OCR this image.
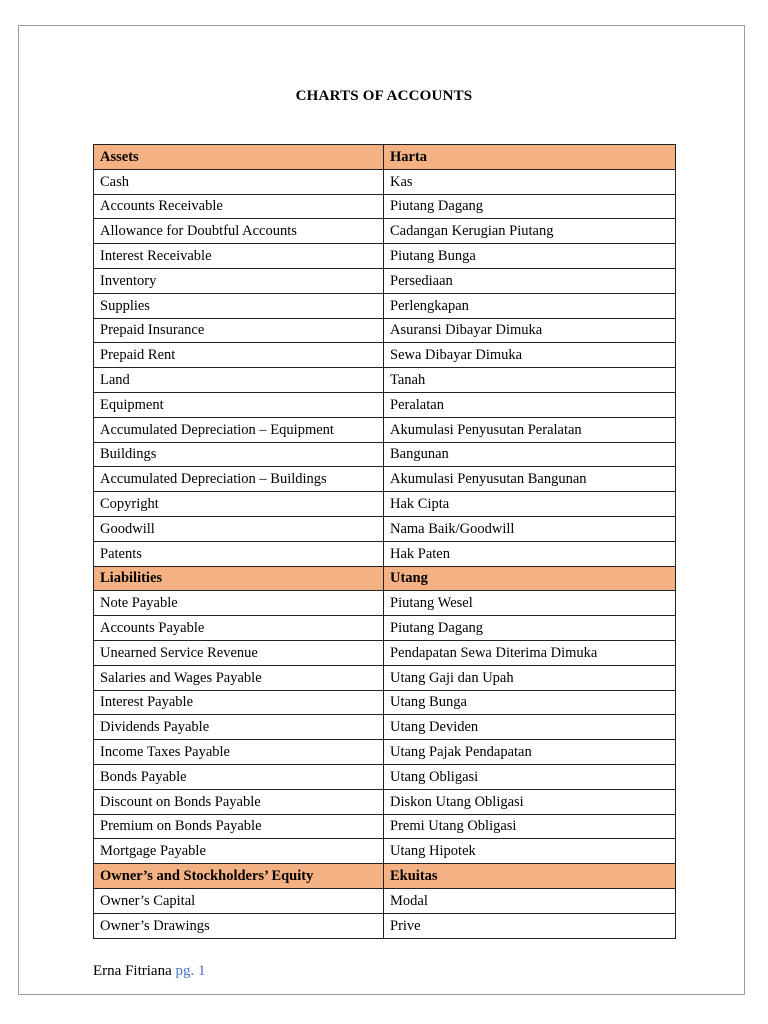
CHARTS OF ACCOUNTS
Assets	Harta
Cash	Kas
Accounts Receivable	Piutang Dagang
Allowance for Doubtful Accounts	Cadangan Kerugian Piutang
Interest Receivable	Piutang Bunga
Inventory	Persediaan
Supplies	Perlengkapan
Prepaid Insurance	Asuransi Dibayar Dimuka
Prepaid Rent	Sewa Dibayar Dimuka
Land	Tanah
Equipment	Peralatan
Accumulated Depreciation – Equipment	Akumulasi Penyusutan Peralatan
Buildings	Bangunan
Accumulated Depreciation – Buildings	Akumulasi Penyusutan Bangunan
Copyright	Hak Cipta
Goodwill	Nama Baik/Goodwill
Patents	Hak Paten
Liabilities	Utang
Note Payable	Piutang Wesel
Accounts Payable	Piutang Dagang
Unearned Service Revenue	Pendapatan Sewa Diterima Dimuka
Salaries and Wages Payable	Utang Gaji dan Upah
Interest Payable	Utang Bunga
Dividends Payable	Utang Deviden
Income Taxes Payable	Utang Pajak Pendapatan
Bonds Payable	Utang Obligasi
Discount on Bonds Payable	Diskon Utang Obligasi
Premium on Bonds Payable	Premi Utang Obligasi
Mortgage Payable	Utang Hipotek
Owner’s and Stockholders’ Equity	Ekuitas
Owner’s Capital	Modal
Owner’s Drawings	Prive
Erna Fitriana pg. 1
